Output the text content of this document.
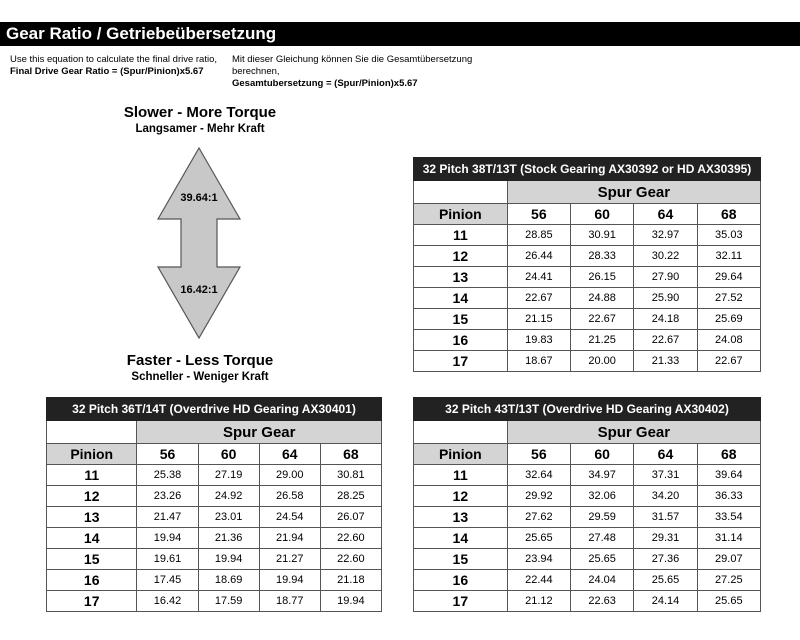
Gear Ratio / Getriebeübersetzung
Use this equation to calculate the final drive ratio,
Final Drive Gear Ratio = (Spur/Pinion)x5.67
Mit dieser Gleichung können Sie die Gesamtübersetzung
berechnen,
Gesamtubersetzung = (Spur/Pinion)x5.67
Slower - More Torque
Langsamer - Mehr Kraft
39.64:1
16.42:1
Faster - Less Torque
Schneller - Weniger Kraft
32 Pitch 38T/13T (Stock Gearing AX30392 or HD AX30395)				
	Spur Gear			
Pinion	56	60	64	68
11	28.85	30.91	32.97	35.03
12	26.44	28.33	30.22	32.11
13	24.41	26.15	27.90	29.64
14	22.67	24.88	25.90	27.52
15	21.15	22.67	24.18	25.69
16	19.83	21.25	22.67	24.08
17	18.67	20.00	21.33	22.67
32 Pitch 36T/14T (Overdrive HD Gearing AX30401)				
	Spur Gear			
Pinion	56	60	64	68
11	25.38	27.19	29.00	30.81
12	23.26	24.92	26.58	28.25
13	21.47	23.01	24.54	26.07
14	19.94	21.36	21.94	22.60
15	19.61	19.94	21.27	22.60
16	17.45	18.69	19.94	21.18
17	16.42	17.59	18.77	19.94
32 Pitch 43T/13T (Overdrive HD Gearing AX30402)				
	Spur Gear			
Pinion	56	60	64	68
11	32.64	34.97	37.31	39.64
12	29.92	32.06	34.20	36.33
13	27.62	29.59	31.57	33.54
14	25.65	27.48	29.31	31.14
15	23.94	25.65	27.36	29.07
16	22.44	24.04	25.65	27.25
17	21.12	22.63	24.14	25.65
